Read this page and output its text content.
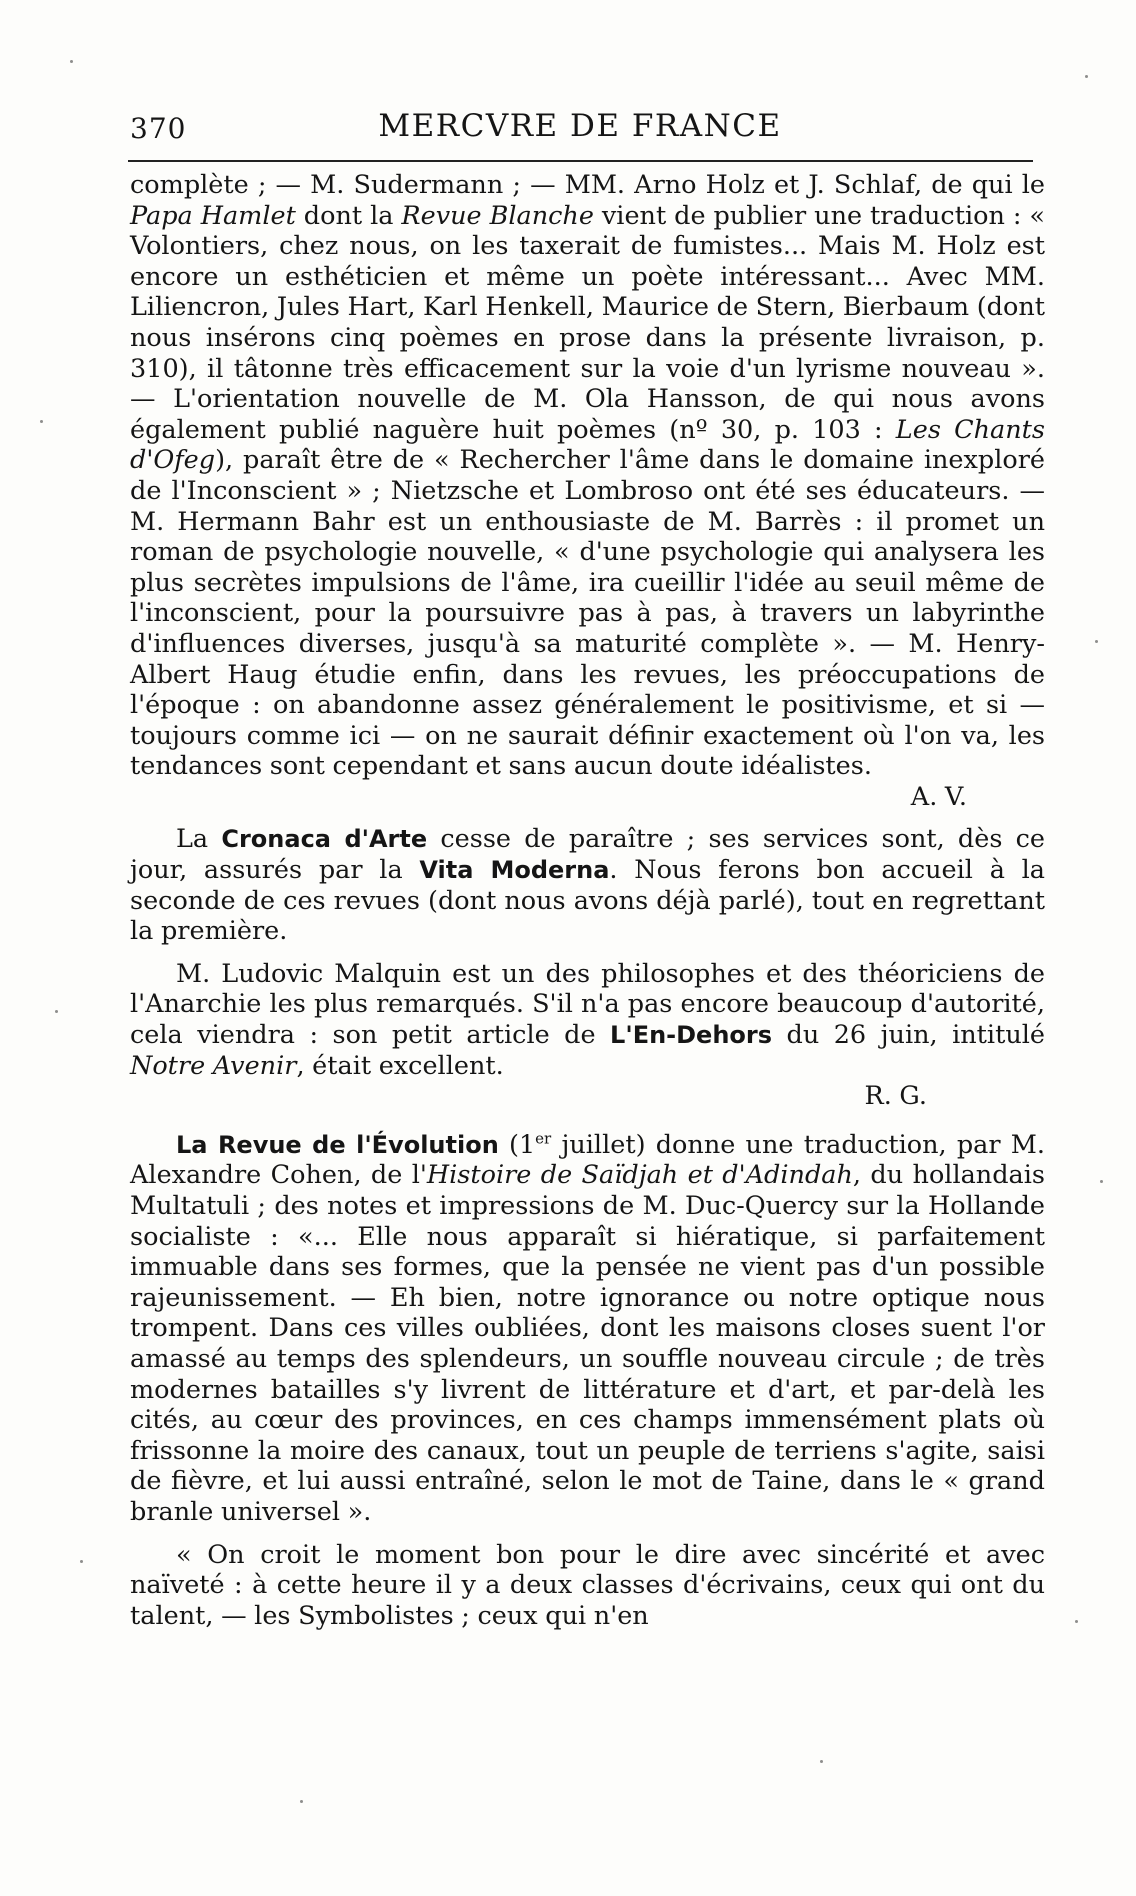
370	MERCVRE DE FRANCE

complète ; — M. Sudermann ; — MM. Arno Holz et J. Schlaf, de qui le Papa Hamlet dont la Revue Blanche vient de publier une traduction : « Volontiers, chez nous, on les taxerait de fumistes... Mais M. Holz est encore un esthéticien et même un poète intéressant... Avec MM. Liliencron, Jules Hart, Karl Henkell, Maurice de Stern, Bierbaum (dont nous insérons cinq poèmes en prose dans la présente livraison, p. 310), il tâtonne très efficacement sur la voie d'un lyrisme nouveau ». — L'orientation nouvelle de M. Ola Hansson, de qui nous avons également publié naguère huit poèmes (nº 30, p. 103 : Les Chants d'Ofeg), paraît être de « Rechercher l'âme dans le domaine inexploré de l'Inconscient » ; Nietzsche et Lombroso ont été ses éducateurs. — M. Hermann Bahr est un enthousiaste de M. Barrès : il promet un roman de psychologie nouvelle, « d'une psychologie qui analysera les plus secrètes impulsions de l'âme, ira cueillir l'idée au seuil même de l'inconscient, pour la poursuivre pas à pas, à travers un labyrinthe d'influences diverses, jusqu'à sa maturité complète ». — M. Henry-Albert Haug étudie enfin, dans les revues, les préoccupations de l'époque : on abandonne assez généralement le positivisme, et si — toujours comme ici — on ne saurait définir exactement où l'on va, les tendances sont cependant et sans aucun doute idéalistes.

A. V.

La Cronaca d'Arte cesse de paraître ; ses services sont, dès ce jour, assurés par la Vita Moderna. Nous ferons bon accueil à la seconde de ces revues (dont nous avons déjà parlé), tout en regrettant la première.

M. Ludovic Malquin est un des philosophes et des théoriciens de l'Anarchie les plus remarqués. S'il n'a pas encore beaucoup d'autorité, cela viendra : son petit article de L'En-Dehors du 26 juin, intitulé Notre Avenir, était excellent.

R. G.

La Revue de l'Évolution (1er juillet) donne une traduction, par M. Alexandre Cohen, de l'Histoire de Saïdjah et d'Adindah, du hollandais Multatuli ; des notes et impressions de M. Duc-Quercy sur la Hollande socialiste : «... Elle nous apparaît si hiératique, si parfaitement immuable dans ses formes, que la pensée ne vient pas d'un possible rajeunissement. — Eh bien, notre ignorance ou notre optique nous trompent. Dans ces villes oubliées, dont les maisons closes suent l'or amassé au temps des splendeurs, un souffle nouveau circule ; de très modernes batailles s'y livrent de littérature et d'art, et par-delà les cités, au cœur des provinces, en ces champs immensément plats où frissonne la moire des canaux, tout un peuple de terriens s'agite, saisi de fièvre, et lui aussi entraîné, selon le mot de Taine, dans le « grand branle universel ».

« On croit le moment bon pour le dire avec sincérité et avec naïveté : à cette heure il y a deux classes d'écrivains, ceux qui ont du talent, — les Symbolistes ; ceux qui n'en
